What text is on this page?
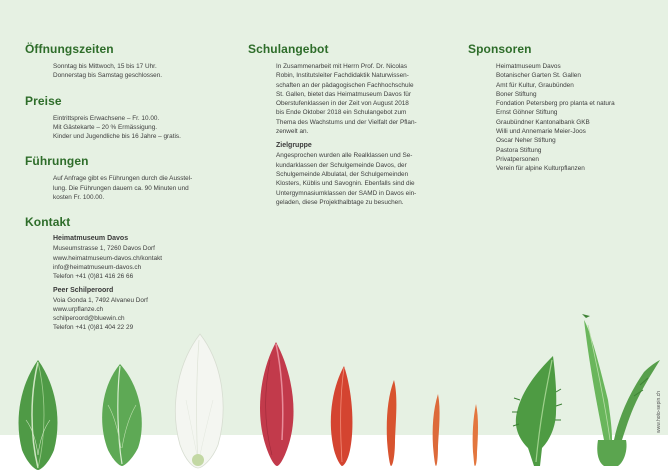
Öffnungszeiten

Sonntag bis Mittwoch, 15 bis 17 Uhr.

Donnerstag bis Samstag geschlossen.

Preise

Eintrittspreis Erwachsene – Fr. 10.00.

Mit Gästekarte – 20 % Ermässigung.

Kinder und Jugendliche bis 16 Jahre – gratis.

Führungen

Auf Anfrage gibt es Führungen durch die Ausstel-

lung. Die Führungen dauern ca. 90 Minuten und

kosten Fr. 100.00.

Kontakt
Heimatmuseum Davos

Museumstrasse 1, 7260 Davos Dorf

www.heimatmuseum-davos.ch/kontakt

info@heimatmuseum-davos.ch

Telefon +41 (0)81 416 26 66

Peer Schilperoord

Voia Gonda 1, 7492 Alvaneu Dorf

www.urpflanze.ch

schilperoord@bluewin.ch

Telefon +41 (0)81 404 22 29

Schulangebot

In Zusammenarbeit mit Herrn Prof. Dr. Nicolas

Robin, Institutsleiter Fachdidaktik Naturwissen-

schaften an der pädagogischen Fachhochschule

St. Gallen, bietet das Heimatmuseum Davos für

Oberstufenklassen in der Zeit von August 2018

bis Ende Oktober 2018 ein Schulangebot zum

Thema des Wachstums und der Vielfalt der Pflan-

zenwelt an.

Zielgruppe

Angesprochen wurden alle Realklassen und Se-

kundarklassen der Schulgemeinde Davos, der

Schulgemeinde Albulatal, der Schulgemeinden

Klosters, Küblis und Savognin. Ebenfalls sind die

Untergymnasiumklassen der SAMD in Davos ein-

geladen, diese Projekthalbtage zu besuchen.

Sponsoren

Heimatmuseum Davos

Botanischer Garten St. Gallen

Amt für Kultur, Graubünden

Boner Stiftung

Fondation Petersberg pro planta et natura

Ernst Göhner Stiftung

Graubündner Kantonalbank GKB

Willi und Annemarie Meier-Joos

Oscar Neher Stiftung

Pastora Stiftung

Privatpersonen

Verein für alpine Kulturpflanzen

www.hoto-sepin.ch
